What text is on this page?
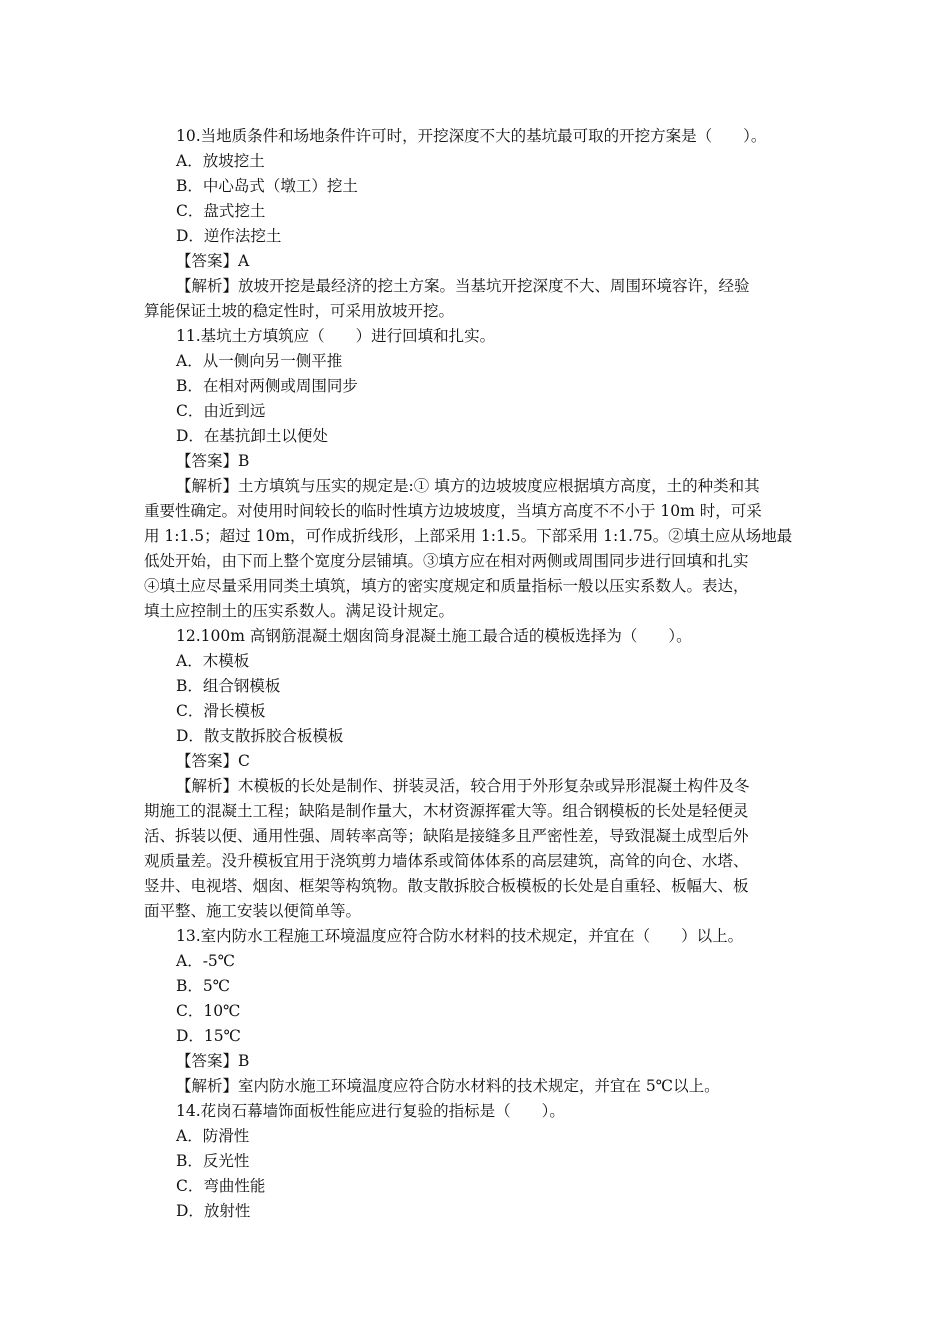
10.当地质条件和场地条件许可时，开挖深度不大的基坑最可取的开挖方案是（　　）。
A．放坡挖土
B．中心岛式（墩工）挖土
C．盘式挖土
D．逆作法挖土
【答案】A
【解析】放坡开挖是最经济的挖土方案。当基坑开挖深度不大、周围环境容许，经验
算能保证土坡的稳定性时，可采用放坡开挖。
11.基坑土方填筑应（　　）进行回填和扎实。
A．从一侧向另一侧平推
B．在相对两侧或周围同步
C．由近到远
D．在基抗卸土以便处
【答案】B
【解析】土方填筑与压实的规定是:① 填方的边坡坡度应根据填方高度，土的种类和其
重要性确定。对使用时间较长的临时性填方边坡坡度，当填方高度不不小于 10m 时，可采
用 1:1.5；超过 10m，可作成折线形，上部采用 1:1.5。下部采用 1:1.75。②填土应从场地最
低处开始，由下而上整个宽度分层铺填。③填方应在相对两侧或周围同步进行回填和扎实
④填土应尽量采用同类土填筑，填方的密实度规定和质量指标一般以压实系数人。表达，
填土应控制土的压实系数人。满足设计规定。
12.100m 高钢筋混凝土烟囱筒身混凝土施工最合适的模板选择为（　　）。
A．木模板
B．组合钢模板
C．滑长模板
D．散支散拆胶合板模板
【答案】C
【解析】木模板的长处是制作、拼装灵活，较合用于外形复杂或异形混凝土构件及冬
期施工的混凝土工程；缺陷是制作量大，木材资源挥霍大等。组合钢模板的长处是轻便灵
活、拆装以便、通用性强、周转率高等；缺陷是接缝多且严密性差，导致混凝土成型后外
观质量差。没升模板宜用于浇筑剪力墙体系或简体体系的高层建筑，高耸的向仓、水塔、
竖井、电视塔、烟囱、框架等构筑物。散支散拆胶合板模板的长处是自重轻、板幅大、板
面平整、施工安装以便简单等。
13.室内防水工程施工环境温度应符合防水材料的技术规定，并宜在（　　）以上。
A．-5℃
B．5℃
C．10℃
D．15℃
【答案】B
【解析】室内防水施工环境温度应符合防水材料的技术规定，并宜在 5℃以上。
14.花岗石幕墙饰面板性能应进行复验的指标是（　　）。
A．防滑性
B．反光性
C．弯曲性能
D．放射性
